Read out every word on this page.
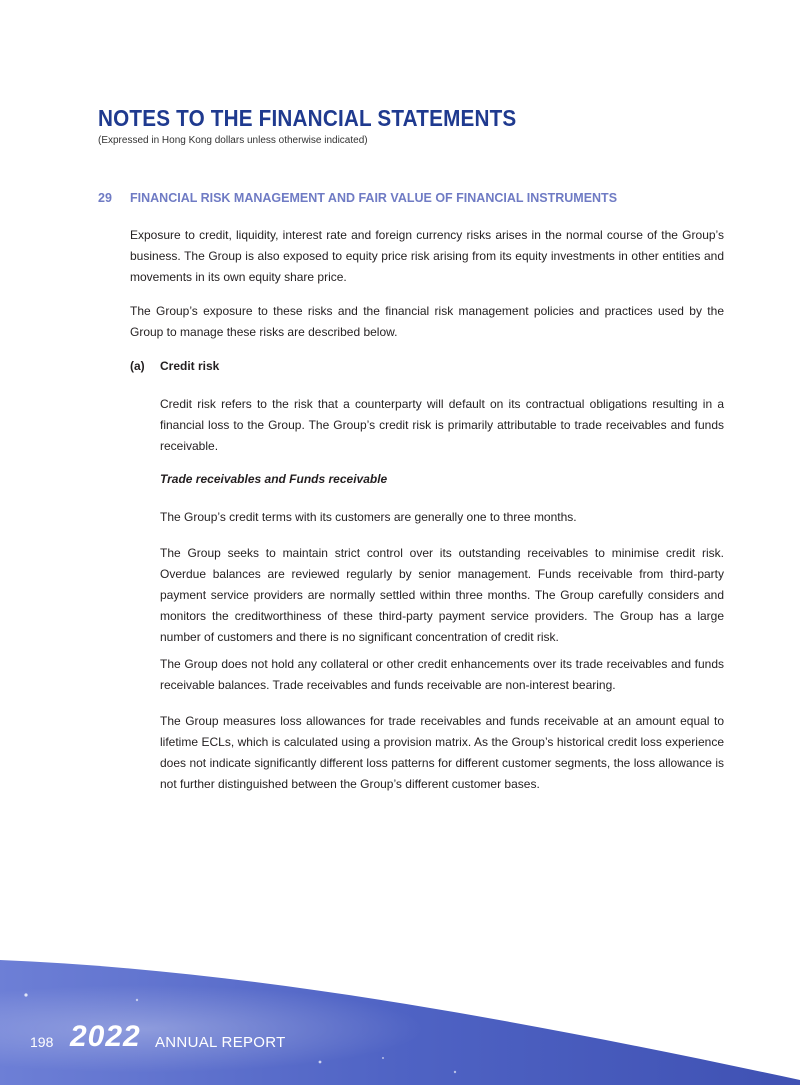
NOTES TO THE FINANCIAL STATEMENTS
(Expressed in Hong Kong dollars unless otherwise indicated)
29 FINANCIAL RISK MANAGEMENT AND FAIR VALUE OF FINANCIAL INSTRUMENTS
Exposure to credit, liquidity, interest rate and foreign currency risks arises in the normal course of the Group’s business. The Group is also exposed to equity price risk arising from its equity investments in other entities and movements in its own equity share price.
The Group’s exposure to these risks and the financial risk management policies and practices used by the Group to manage these risks are described below.
(a) Credit risk
Credit risk refers to the risk that a counterparty will default on its contractual obligations resulting in a financial loss to the Group. The Group’s credit risk is primarily attributable to trade receivables and funds receivable.
Trade receivables and Funds receivable
The Group’s credit terms with its customers are generally one to three months.
The Group seeks to maintain strict control over its outstanding receivables to minimise credit risk. Overdue balances are reviewed regularly by senior management. Funds receivable from third-party payment service providers are normally settled within three months. The Group carefully considers and monitors the creditworthiness of these third-party payment service providers. The Group has a large number of customers and there is no significant concentration of credit risk.
The Group does not hold any collateral or other credit enhancements over its trade receivables and funds receivable balances. Trade receivables and funds receivable are non-interest bearing.
The Group measures loss allowances for trade receivables and funds receivable at an amount equal to lifetime ECLs, which is calculated using a provision matrix. As the Group’s historical credit loss experience does not indicate significantly different loss patterns for different customer segments, the loss allowance is not further distinguished between the Group’s different customer bases.
198 2022 ANNUAL REPORT
